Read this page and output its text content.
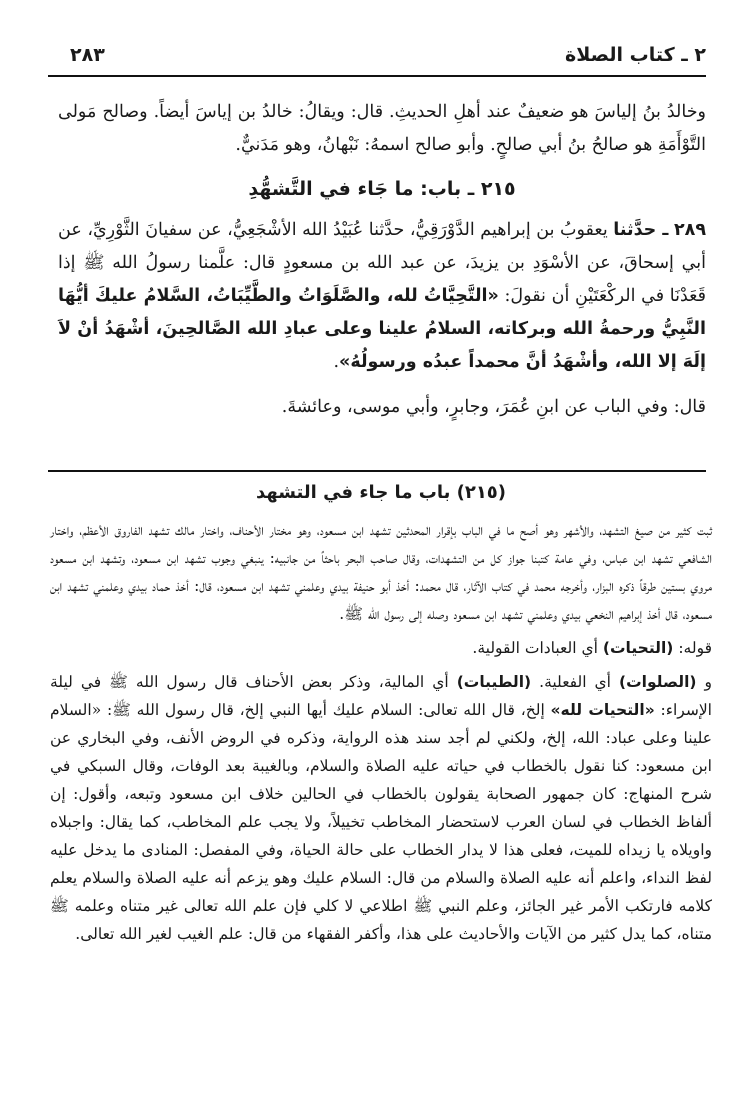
٢ ـ كتاب الصلاة
٢٨٣

وخالدُ بنُ إلياسَ هو ضعيفٌ عند أهلِ الحديثِ. قال: ويقالُ: خالدُ بن إياسَ أيضاً. وصالح مَولى التَّوْأَمَةِ هو صالحُ بنُ أبي صالحٍ. وأبو صالح اسمهُ: نَبْهانُ، وهو مَدَنيٌّ.

٢١٥ ـ باب: ما جَاء في التَّشهُّدِ

٢٨٩ ـ حدَّثنا يعقوبُ بن إبراهيم الدَّوْرَقِيُّ، حدَّثنا عُبَيْدُ الله الأشْجَعِيُّ، عن سفيانَ الثَّوْرِيِّ، عن أبي إسحاقَ، عن الأسْوَدِ بن يزيدَ، عن عبد الله بن مسعودٍ قال: علَّمنا رسولُ الله ﷺ إذا قَعَدْنَا في الركْعَتَيْنِ أن نقولَ: «التَّحِيَّاتُ لله، والصَّلَوَاتُ والطَّيِّبَاتُ، السَّلامُ عليكَ أيُّهَا النَّبِيُّ ورحمةُ الله وبركاته، السلامُ علينا وعلى عبادِ الله الصَّالحِينَ، أشْهَدُ أنْ لاَ إلَهَ إلا الله، وأشْهَدُ أنَّ محمداً عبدُه ورسولُهُ».

قال: وفي الباب عن ابنِ عُمَرَ، وجابرٍ، وأبي موسى، وعائشةَ.

(٢١٥) باب ما جاء في التشهد

ثبت كثير من صيغ التشهد، والأشهر وهو أصح ما في الباب بإقرار المحدثين تشهد ابن مسعود، وهو مختار الأحناف، واختار مالك تشهد الفاروق الأعظم، واختار الشافعي تشهد ابن عباس، وفي عامة كتبنا جواز كل من التشهدات، وقال صاحب البحر باحثاً من جانبيه: ينبغي وجوب تشهد ابن مسعود، وتشهد ابن مسعود مروي بستين طرقاً ذكره البزار، وأخرجه محمد في كتاب الآثار، قال محمد: أخذ أبو حنيفة بيدي وعلمني تشهد ابن مسعود، قال: أخذ حماد بيدي وعلمني تشهد ابن مسعود، قال أخذ إبراهيم النخعي بيدي وعلمني تشهد ابن مسعود وصله إلى رسول الله ﷺ.

قوله: (التحيات) أي العبادات القولية.

و (الصلوات) أي الفعلية. (الطيبات) أي المالية، وذكر بعض الأحناف قال رسول الله ﷺ في ليلة الإسراء: «التحيات لله» إلخ، قال الله تعالى: السلام عليك أيها النبي إلخ، قال رسول الله ﷺ: «السلام علينا وعلى عباد: الله، إلخ، ولكني لم أجد سند هذه الرواية، وذكره في الروض الأنف، وفي البخاري عن ابن مسعود: كنا نقول بالخطاب في حياته عليه الصلاة والسلام، وبالغيبة بعد الوفات، وقال السبكي في شرح المنهاج: كان جمهور الصحابة يقولون بالخطاب في الحالين خلاف ابن مسعود وتبعه، وأقول: إن ألفاظ الخطاب في لسان العرب لاستحضار المخاطب تخييلاً، ولا يجب علم المخاطب، كما يقال: واجبلاه واويلاه يا زيداه للميت، فعلى هذا لا يدار الخطاب على حالة الحياة، وفي المفصل: المنادى ما يدخل عليه لفظ النداء، واعلم أنه عليه الصلاة والسلام من قال: السلام عليك وهو يزعم أنه عليه الصلاة والسلام يعلم كلامه فارتكب الأمر غير الجائز، وعلم النبي ﷺ اطلاعي لا كلي فإن علم الله تعالى غير متناه وعلمه ﷺ متناه، كما يدل كثير من الآيات والأحاديث على هذا، وأكفر الفقهاء من قال: علم الغيب لغير الله تعالى.
